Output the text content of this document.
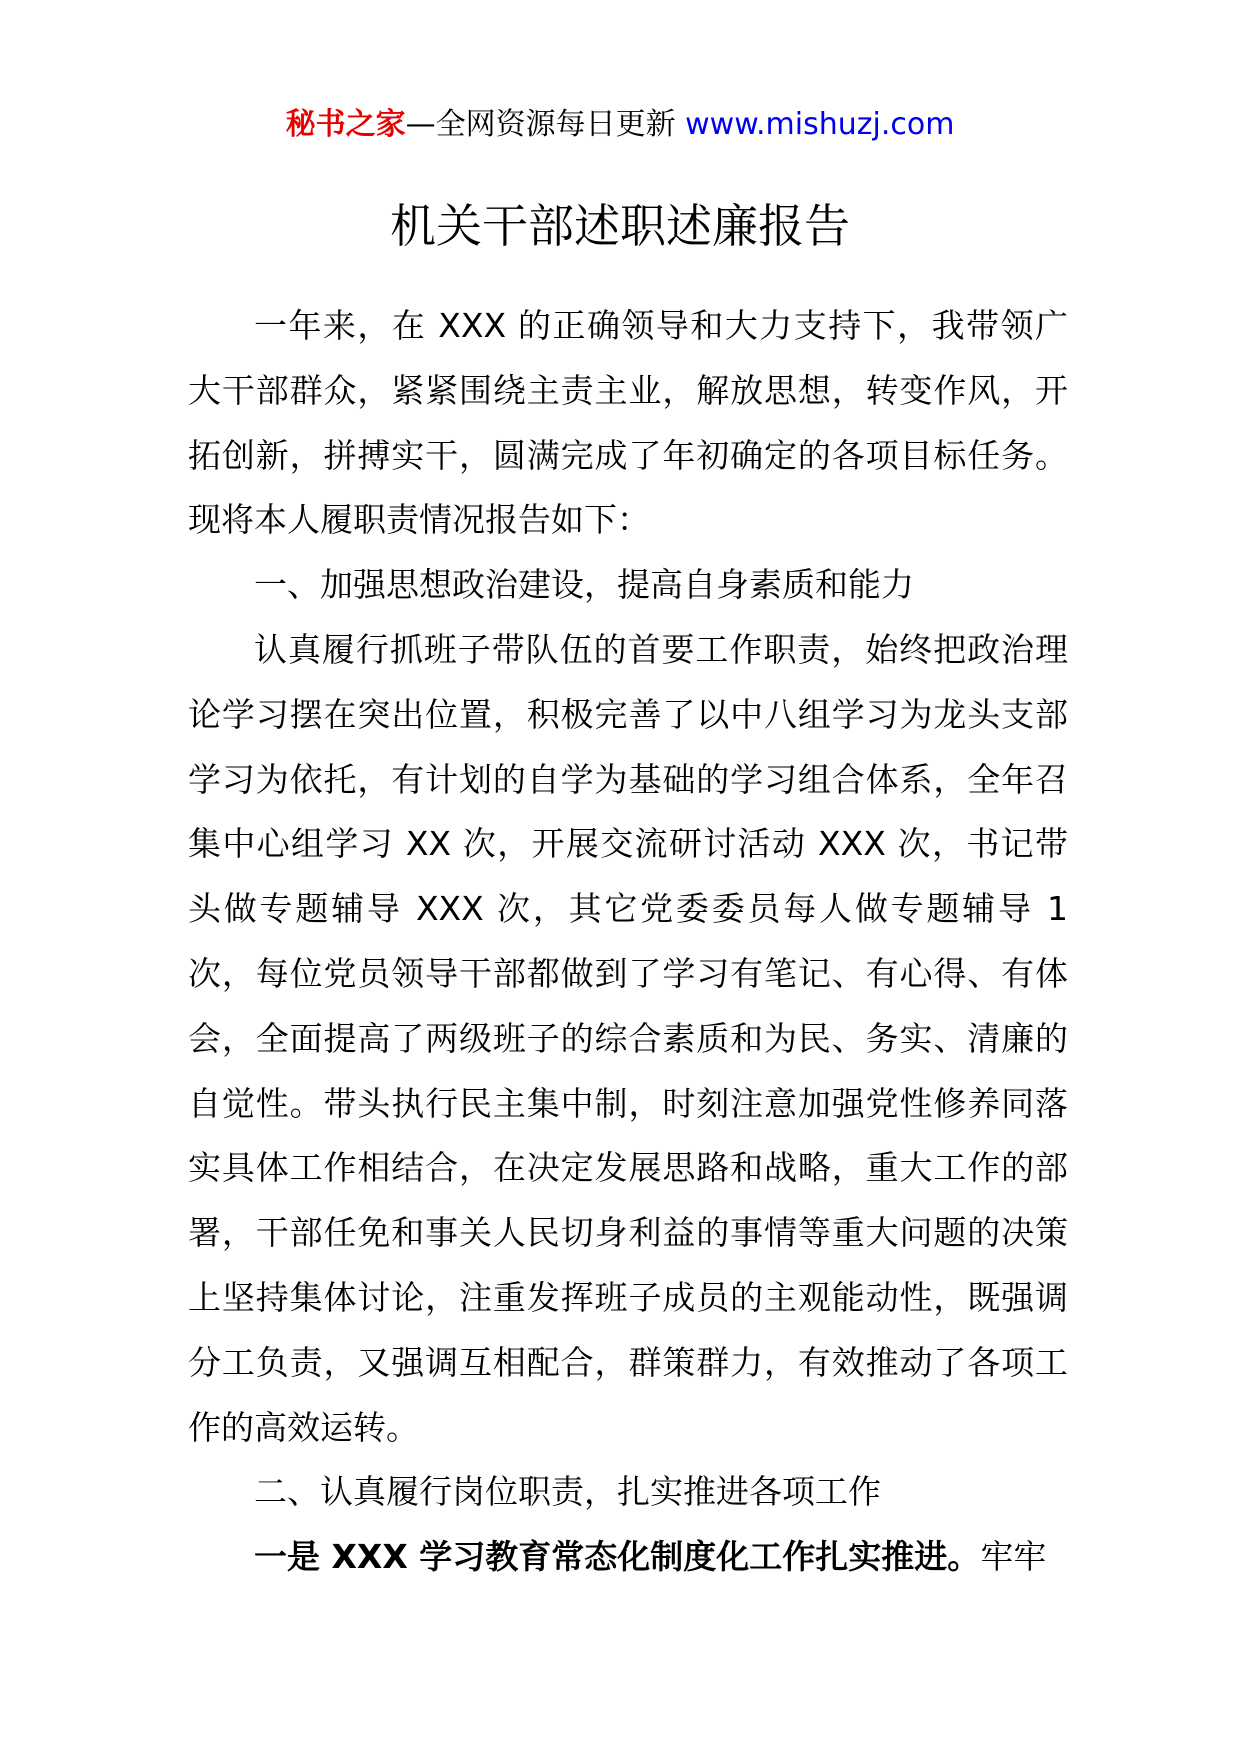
秘书之家—全网资源每日更新 www.mishuzj.com
机关干部述职述廉报告

一年来，在 XXX 的正确领导和大力支持下，我带领广大干部群众，紧紧围绕主责主业，解放思想，转变作风，开拓创新，拼搏实干，圆满完成了年初确定的各项目标任务。现将本人履职责情况报告如下：

一、加强思想政治建设，提高自身素质和能力

认真履行抓班子带队伍的首要工作职责，始终把政治理论学习摆在突出位置，积极完善了以中八组学习为龙头支部学习为依托，有计划的自学为基础的学习组合体系，全年召集中心组学习 XX 次，开展交流研讨活动 XXX 次，书记带头做专题辅导 XXX 次，其它党委委员每人做专题辅导 1 次，每位党员领导干部都做到了学习有笔记、有心得、有体会，全面提高了两级班子的综合素质和为民、务实、清廉的自觉性。带头执行民主集中制，时刻注意加强党性修养同落实具体工作相结合，在决定发展思路和战略，重大工作的部署，干部任免和事关人民切身利益的事情等重大问题的决策上坚持集体讨论，注重发挥班子成员的主观能动性，既强调分工负责，又强调互相配合，群策群力，有效推动了各项工作的高效运转。

二、认真履行岗位职责，扎实推进各项工作

一是 XXX 学习教育常态化制度化工作扎实推进。牢牢
